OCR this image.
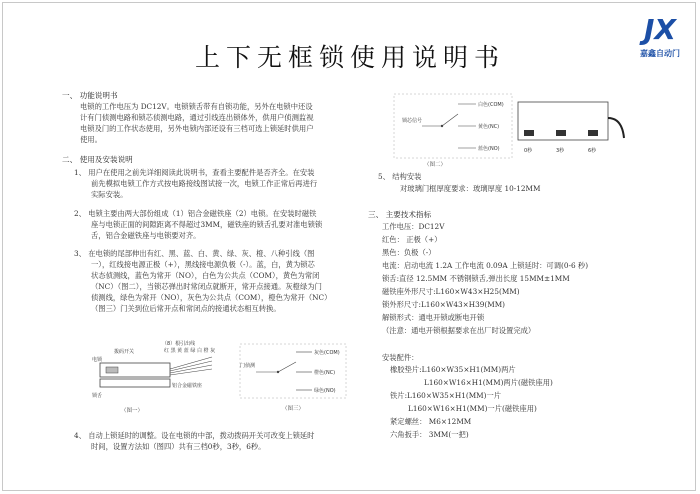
上下无框锁使用说明书
JX
嘉鑫自动门
一、 功能说明书
电锁的工作电压为 DC12V。电锁锁舌带有自锁功能，另外在电锁中还设
计有门侦测电路和锁芯侦测电路，通过引线连出锁体外，供用户侦测监视
电锁及门的工作状态使用，另外电锁内部还设有三档可选上锁延时供用户
使用。
二、 使用及安装说明
1、 用户在使用之前先详细阅读此说明书，查看主要配件是否齐全。在安装
前先模拟电锁工作方式按电路接线图试接一次，电锁工作正常后再进行
实际安装。
2、 电锁主要由两大部份组成（1）铝合金磁铁座（2）电锁。在安装时磁铁
座与电锁正面的间隙距离不得超过3MM，磁铁座的锁舌孔要对准电锁锁
舌，铝合金磁铁座与电锁要对齐。
3、 在电锁的尾部伸出有红、黑、蓝、白、黄、绿、灰、橙、八种引线（图
一），红线接电源正极（+），黑线接电源负极（-）。蓝，白，黄为锁芯
状态侦测线，蓝色为常开（NO），白色为公共点（COM），黄色为常闭
（NC）（图二），当锁芯弹出时常闭点就断开，常开点接通。灰橙绿为门
侦测线，绿色为常开（NO），灰色为公共点（COM），橙色为常开（NC）
（图三）门关到位后常开点和常闭点的接通状态相互转换。
拨码开关
电锁
锁舌
（8）根引出线
红 黑 黄 蓝 绿 白 橙 灰
铝合金磁铁座
（图一）
门侦测
灰色(COM)
橙色(NC)
绿色(NO)
（图三）
4、 自动上锁延时的调整。设在电锁的中部，拨动拨码开关可改变上锁延时
时间，设置方法如（图四）共有三档0秒，3秒，6秒。
锁芯信号
白色(COM)
黄色(NC)
蓝色(NO)
（图二）
0秒	3秒	6秒
5、 结构安装
对玻璃门框厚度要求：玻璃厚度 10-12MM
三、 主要技术指标
工作电压：DC12V
红色： 正极（+）
黑色：负极（-）
电流：启动电流 1.2A 工作电流 0.09A 上锁延时：可调(0-6 秒)
锁舌:直径 12.5MM 不锈钢锁舌,弹出长度 15MM±1MM
磁铁座外形尺寸:L160×W43×H25(MM)
锁外形尺寸:L160×W43×H39(MM)
解锁形式：通电开锁或断电开锁
（注意：通电开锁根据要求在出厂时设置完成）
安装配件：
橡胶垫片:L160×W35×H1(MM)两片
L160×W16×H1(MM)两片(磁铁座用)
铁片:L160×W35×H1(MM)一片
L160×W16×H1(MM)一片(磁铁座用)
紧定螺丝： M6×12MM
六角扳手： 3MM(一把)
